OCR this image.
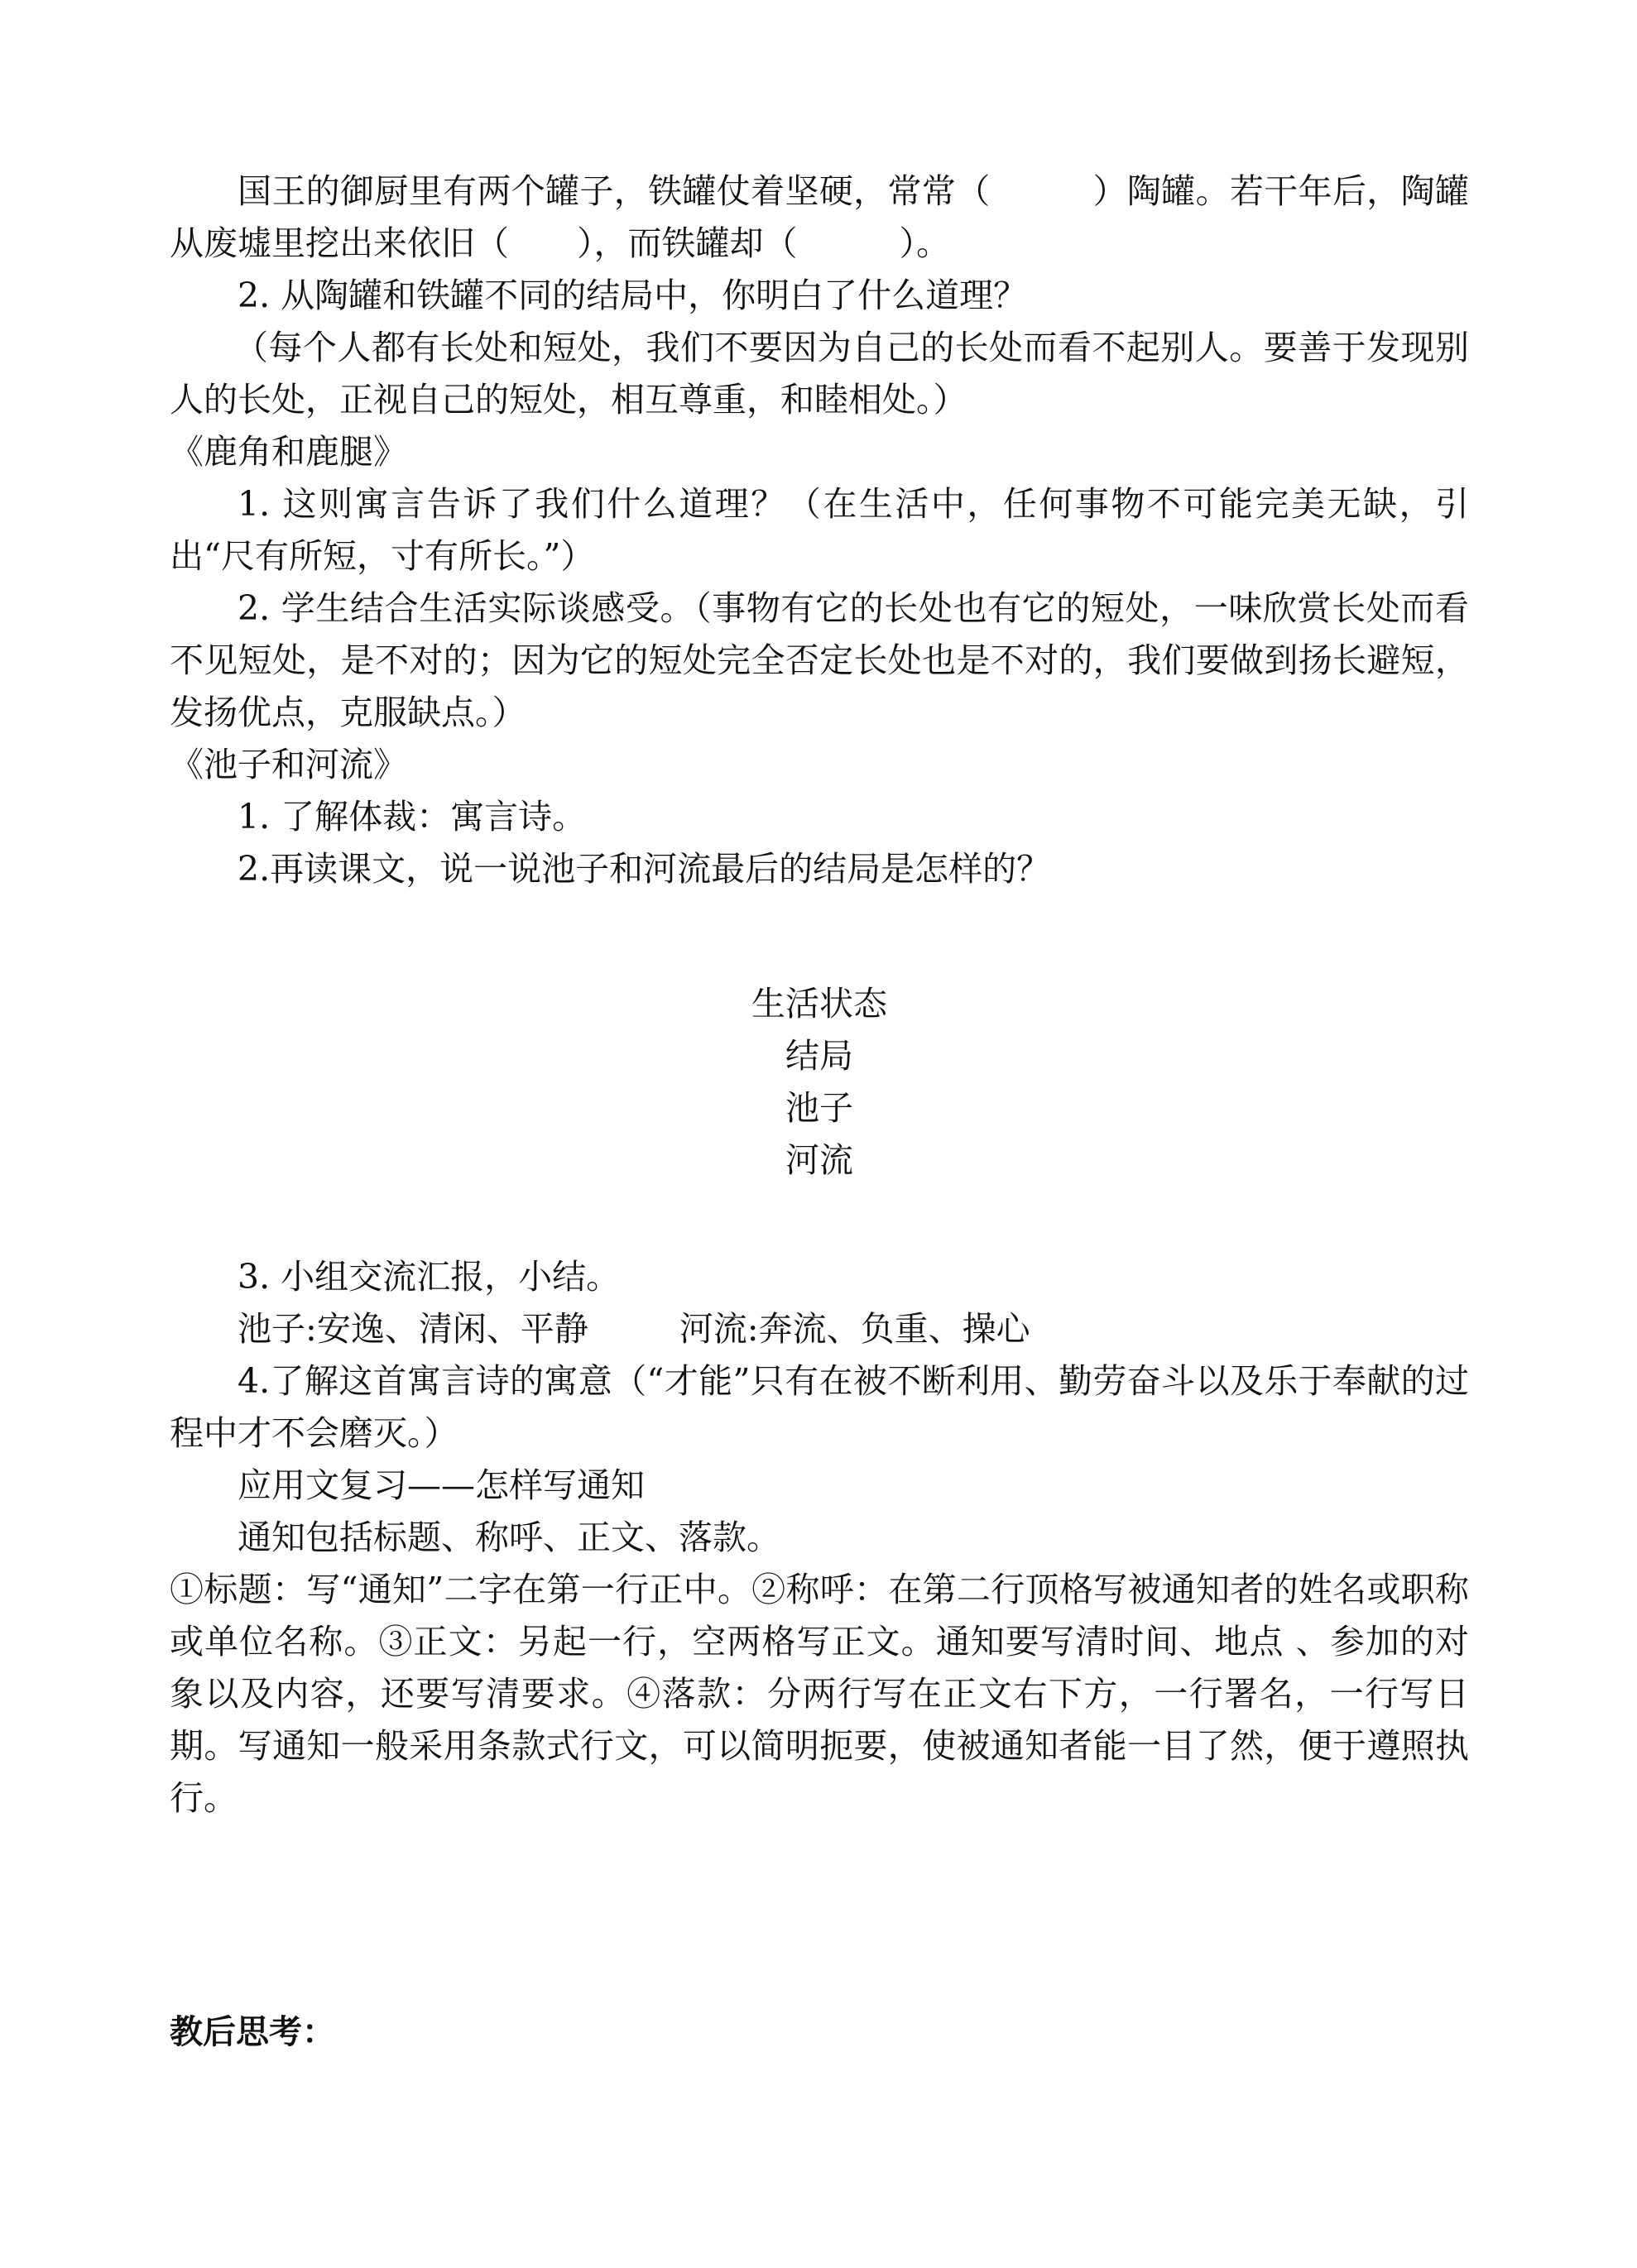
国王的御厨里有两个罐子，铁罐仗着坚硬，常常（　　　）陶罐。若干年后，陶罐从废墟里挖出来依旧（　　），而铁罐却（　　　）。

2. 从陶罐和铁罐不同的结局中，你明白了什么道理？

（每个人都有长处和短处，我们不要因为自己的长处而看不起别人。要善于发现别人的长处，正视自己的短处，相互尊重，和睦相处。）

《鹿角和鹿腿》

1. 这则寓言告诉了我们什么道理？（在生活中，任何事物不可能完美无缺，引出“尺有所短，寸有所长。”）

2. 学生结合生活实际谈感受。（事物有它的长处也有它的短处，一味欣赏长处而看不见短处，是不对的；因为它的短处完全否定长处也是不对的，我们要做到扬长避短，发扬优点，克服缺点。）

《池子和河流》

1. 了解体裁：寓言诗。

2.再读课文，说一说池子和河流最后的结局是怎样的？

生活状态

结局

池子

河流

3. 小组交流汇报，小结。

池子:安逸、清闲、平静	河流:奔流、负重、操心

4.了解这首寓言诗的寓意（“才能”只有在被不断利用、勤劳奋斗以及乐于奉献的过程中才不会磨灭。）

应用文复习——怎样写通知

通知包括标题、称呼、正文、落款。

①标题：写“通知”二字在第一行正中。②称呼：在第二行顶格写被通知者的姓名或职称或单位名称。③正文：另起一行，空两格写正文。通知要写清时间、地点 、参加的对象以及内容，还要写清要求。④落款：分两行写在正文右下方，一行署名，一行写日期。写通知一般采用条款式行文，可以简明扼要，使被通知者能一目了然，便于遵照执行。

教后思考：
